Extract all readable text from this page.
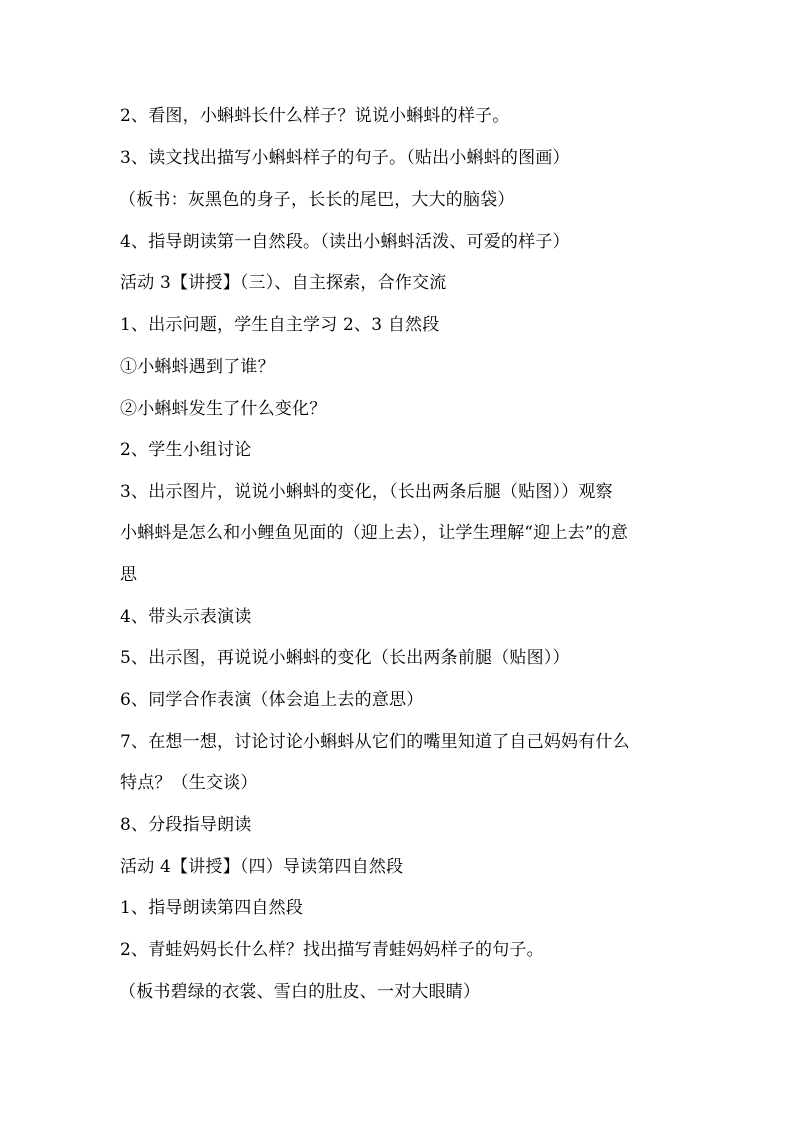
2、看图，小蝌蚪长什么样子？说说小蝌蚪的样子。
3、读文找出描写小蝌蚪样子的句子。（贴出小蝌蚪的图画）
（板书：灰黑色的身子，长长的尾巴，大大的脑袋）
4、指导朗读第一自然段。（读出小蝌蚪活泼、可爱的样子）
活动 3【讲授】（三）、自主探索，合作交流
1、出示问题，学生自主学习 2、3 自然段
①小蝌蚪遇到了谁？
②小蝌蚪发生了什么变化？
2、学生小组讨论
3、出示图片，说说小蝌蚪的变化，（长出两条后腿（贴图））观察
小蝌蚪是怎么和小鲤鱼见面的（迎上去），让学生理解“迎上去”的意
思
4、带头示表演读
5、出示图，再说说小蝌蚪的变化（长出两条前腿（贴图））
6、同学合作表演（体会追上去的意思）
7、在想一想，讨论讨论小蝌蚪从它们的嘴里知道了自己妈妈有什么
特点？（生交谈）
8、分段指导朗读
活动 4【讲授】（四）导读第四自然段
1、指导朗读第四自然段
2、青蛙妈妈长什么样？找出描写青蛙妈妈样子的句子。
（板书碧绿的衣裳、雪白的肚皮、一对大眼睛）
